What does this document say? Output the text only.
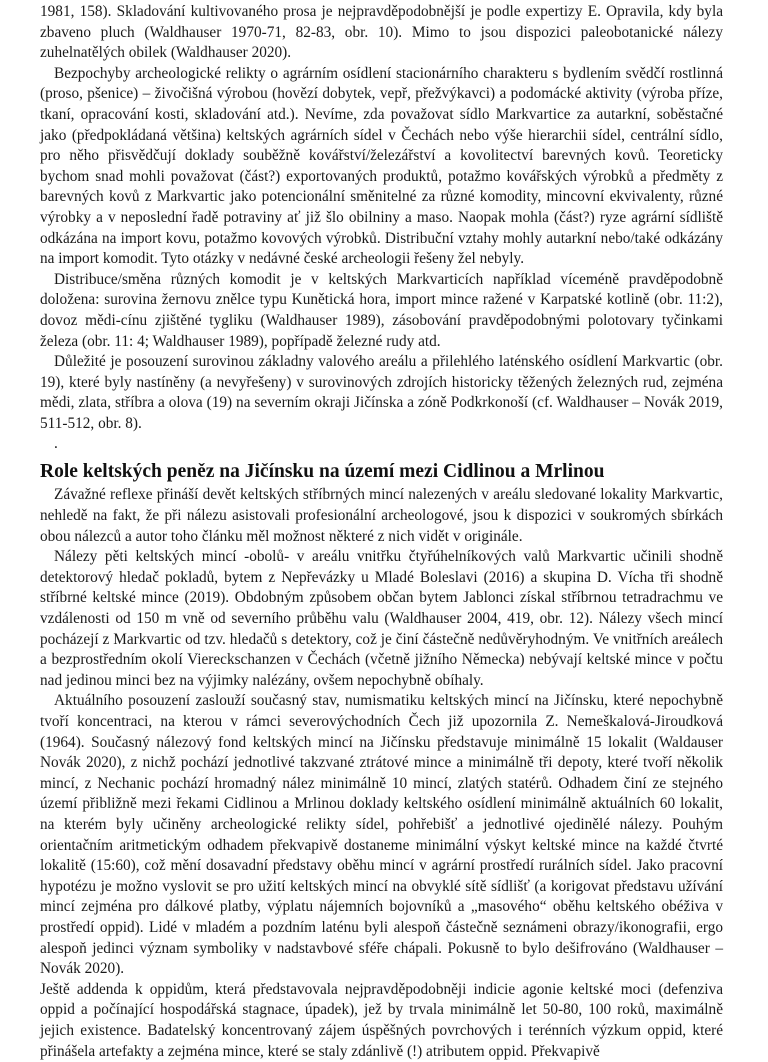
1981, 158). Skladování kultivovaného prosa je nejpravděpodobnější je podle expertizy E. Opravila, kdy byla zbaveno pluch (Waldhauser 1970-71, 82-83, obr. 10). Mimo to jsou dispozici paleobotanické nálezy zuhelnatělých obilek (Waldhauser 2020).

Bezpochyby archeologické relikty o agrárním osídlení stacionárního charakteru s bydlením svědčí rostlinná (proso, pšenice) – živočišná výrobou (hovězí dobytek, vepř, přežvýkavci) a podomácké aktivity (výroba příze, tkaní, opracování kosti, skladování atd.). Nevíme, zda považovat sídlo Markvartice za autarkní, soběstačné jako (předpokládaná většina) keltských agrárních sídel v Čechách nebo výše hierarchii sídel, centrální sídlo, pro něho přisvědčují doklady souběžně kovářství/železářství a kovolitectví barevných kovů. Teoreticky bychom snad mohli považovat (část?) exportovaných produktů, potažmo kovářských výrobků a předměty z barevných kovů z Markvartic jako potencionální směnitelné za různé komodity, mincovní ekvivalenty, různé výrobky a v neposlední řadě potraviny ať již šlo obilniny a maso. Naopak mohla (část?) ryze agrární sídliště odkázána na import kovu, potažmo kovových výrobků. Distribuční vztahy mohly autarkní nebo/také odkázány na import komodit. Tyto otázky v nedávné české archeologii řešeny žel nebyly.

Distribuce/směna různých komodit je v keltských Markvarticích například víceméně pravděpodobně doložena: surovina žernovu znělce typu Kunětická hora, import mince ražené v Karpatské kotlině (obr. 11:2), dovoz mědi-cínu zjištěné tygliku (Waldhauser 1989), zásobování pravděpodobnými polotovary tyčinkami železa (obr. 11: 4; Waldhauser 1989), popřípadě železné rudy atd.

Důležité je posouzení surovinou základny valového areálu a přilehlého laténského osídlení Markvartic (obr. 19), které byly nastíněny (a nevyřešeny) v surovinových zdrojích historicky těžených železných rud, zejména mědi, zlata, stříbra a olova (19) na severním okraji Jičínska a zóně Podkrkonoší (cf. Waldhauser – Novák 2019, 511-512, obr. 8).

.
Role keltských peněz na Jičínsku na území mezi Cidlinou a Mrlinou

Závažné reflexe přináší devět keltských stříbrných mincí nalezených v areálu sledované lokality Markvartic, nehledě na fakt, že při nálezu asistovali profesionální archeologové, jsou k dispozici v soukromých sbírkách obou nálezců a autor toho článku měl možnost některé z nich vidět v originále.

Nálezy pěti keltských mincí -obolů- v areálu vnitřku čtyřúhelníkových valů Markvartic učinili shodně detektorový hledač pokladů, bytem z Nepřevázky u Mladé Boleslavi (2016) a skupina D. Vícha tři shodně stříbrné keltské mince (2019). Obdobným způsobem občan bytem Jablonci získal stříbrnou tetradrachmu ve vzdálenosti od 150 m vně od severního průběhu valu (Waldhauser 2004, 419, obr. 12). Nálezy všech mincí pocházejí z Markvartic od tzv. hledačů s detektory, což je činí částečně nedůvěryhodným. Ve vnitřních areálech a bezprostředním okolí Viereckschanzen v Čechách (včetně jižního Německa) nebývají keltské mince v počtu nad jedinou minci bez na výjimky nalézány, ovšem nepochybně obíhaly.

Aktuálního posouzení zaslouží současný stav, numismatiku keltských mincí na Jičínsku, které nepochybně tvoří koncentraci, na kterou v rámci severovýchodních Čech již upozornila Z. Nemeškalová-Jiroudková (1964). Současný nálezový fond keltských mincí na Jičínsku představuje minimálně 15 lokalit (Waldauser Novák 2020), z nichž pochází jednotlivé takzvané ztrátové mince a minimálně tři depoty, které tvoří několik mincí, z Nechanic pochází hromadný nález minimálně 10 mincí, zlatých statérů. Odhadem činí ze stejného území přibližně mezi řekami Cidlinou a Mrlinou doklady keltského osídlení minimálně aktuálních 60 lokalit, na kterém byly učiněny archeologické relikty sídel, pohřebišť a jednotlivé ojedinělé nálezy. Pouhým orientačním aritmetickým odhadem překvapivě dostaneme minimální výskyt keltské mince na každé čtvrté lokalitě (15:60), což mění dosavadní představy oběhu mincí v agrární prostředí rurálních sídel. Jako pracovní hypotézu je možno vyslovit se pro užití keltských mincí na obvyklé sítě sídlišť (a korigovat představu užívání mincí zejména pro dálkové platby, výplatu nájemních bojovníků a „masového“ oběhu keltského obéživa v prostředí oppid). Lidé v mladém a pozdním laténu byli alespoň částečně seznámeni obrazy/ikonografii, ergo alespoň jedinci význam symboliky v nadstavbové sféře chápali. Pokusně to bylo dešifrováno (Waldhauser – Novák 2020).

Ještě addenda k oppidům, která představovala nejpravděpodobněji indicie agonie keltské moci (defenziva oppid a počínající hospodářská stagnace, úpadek), jež by trvala minimálně let 50-80, 100 roků, maximálně jejich existence. Badatelský koncentrovaný zájem úspěšných povrchových i terénních výzkum oppid, které přinášela artefakty a zejména mince, které se staly zdánlivě (!) atributem oppid. Překvapivě
